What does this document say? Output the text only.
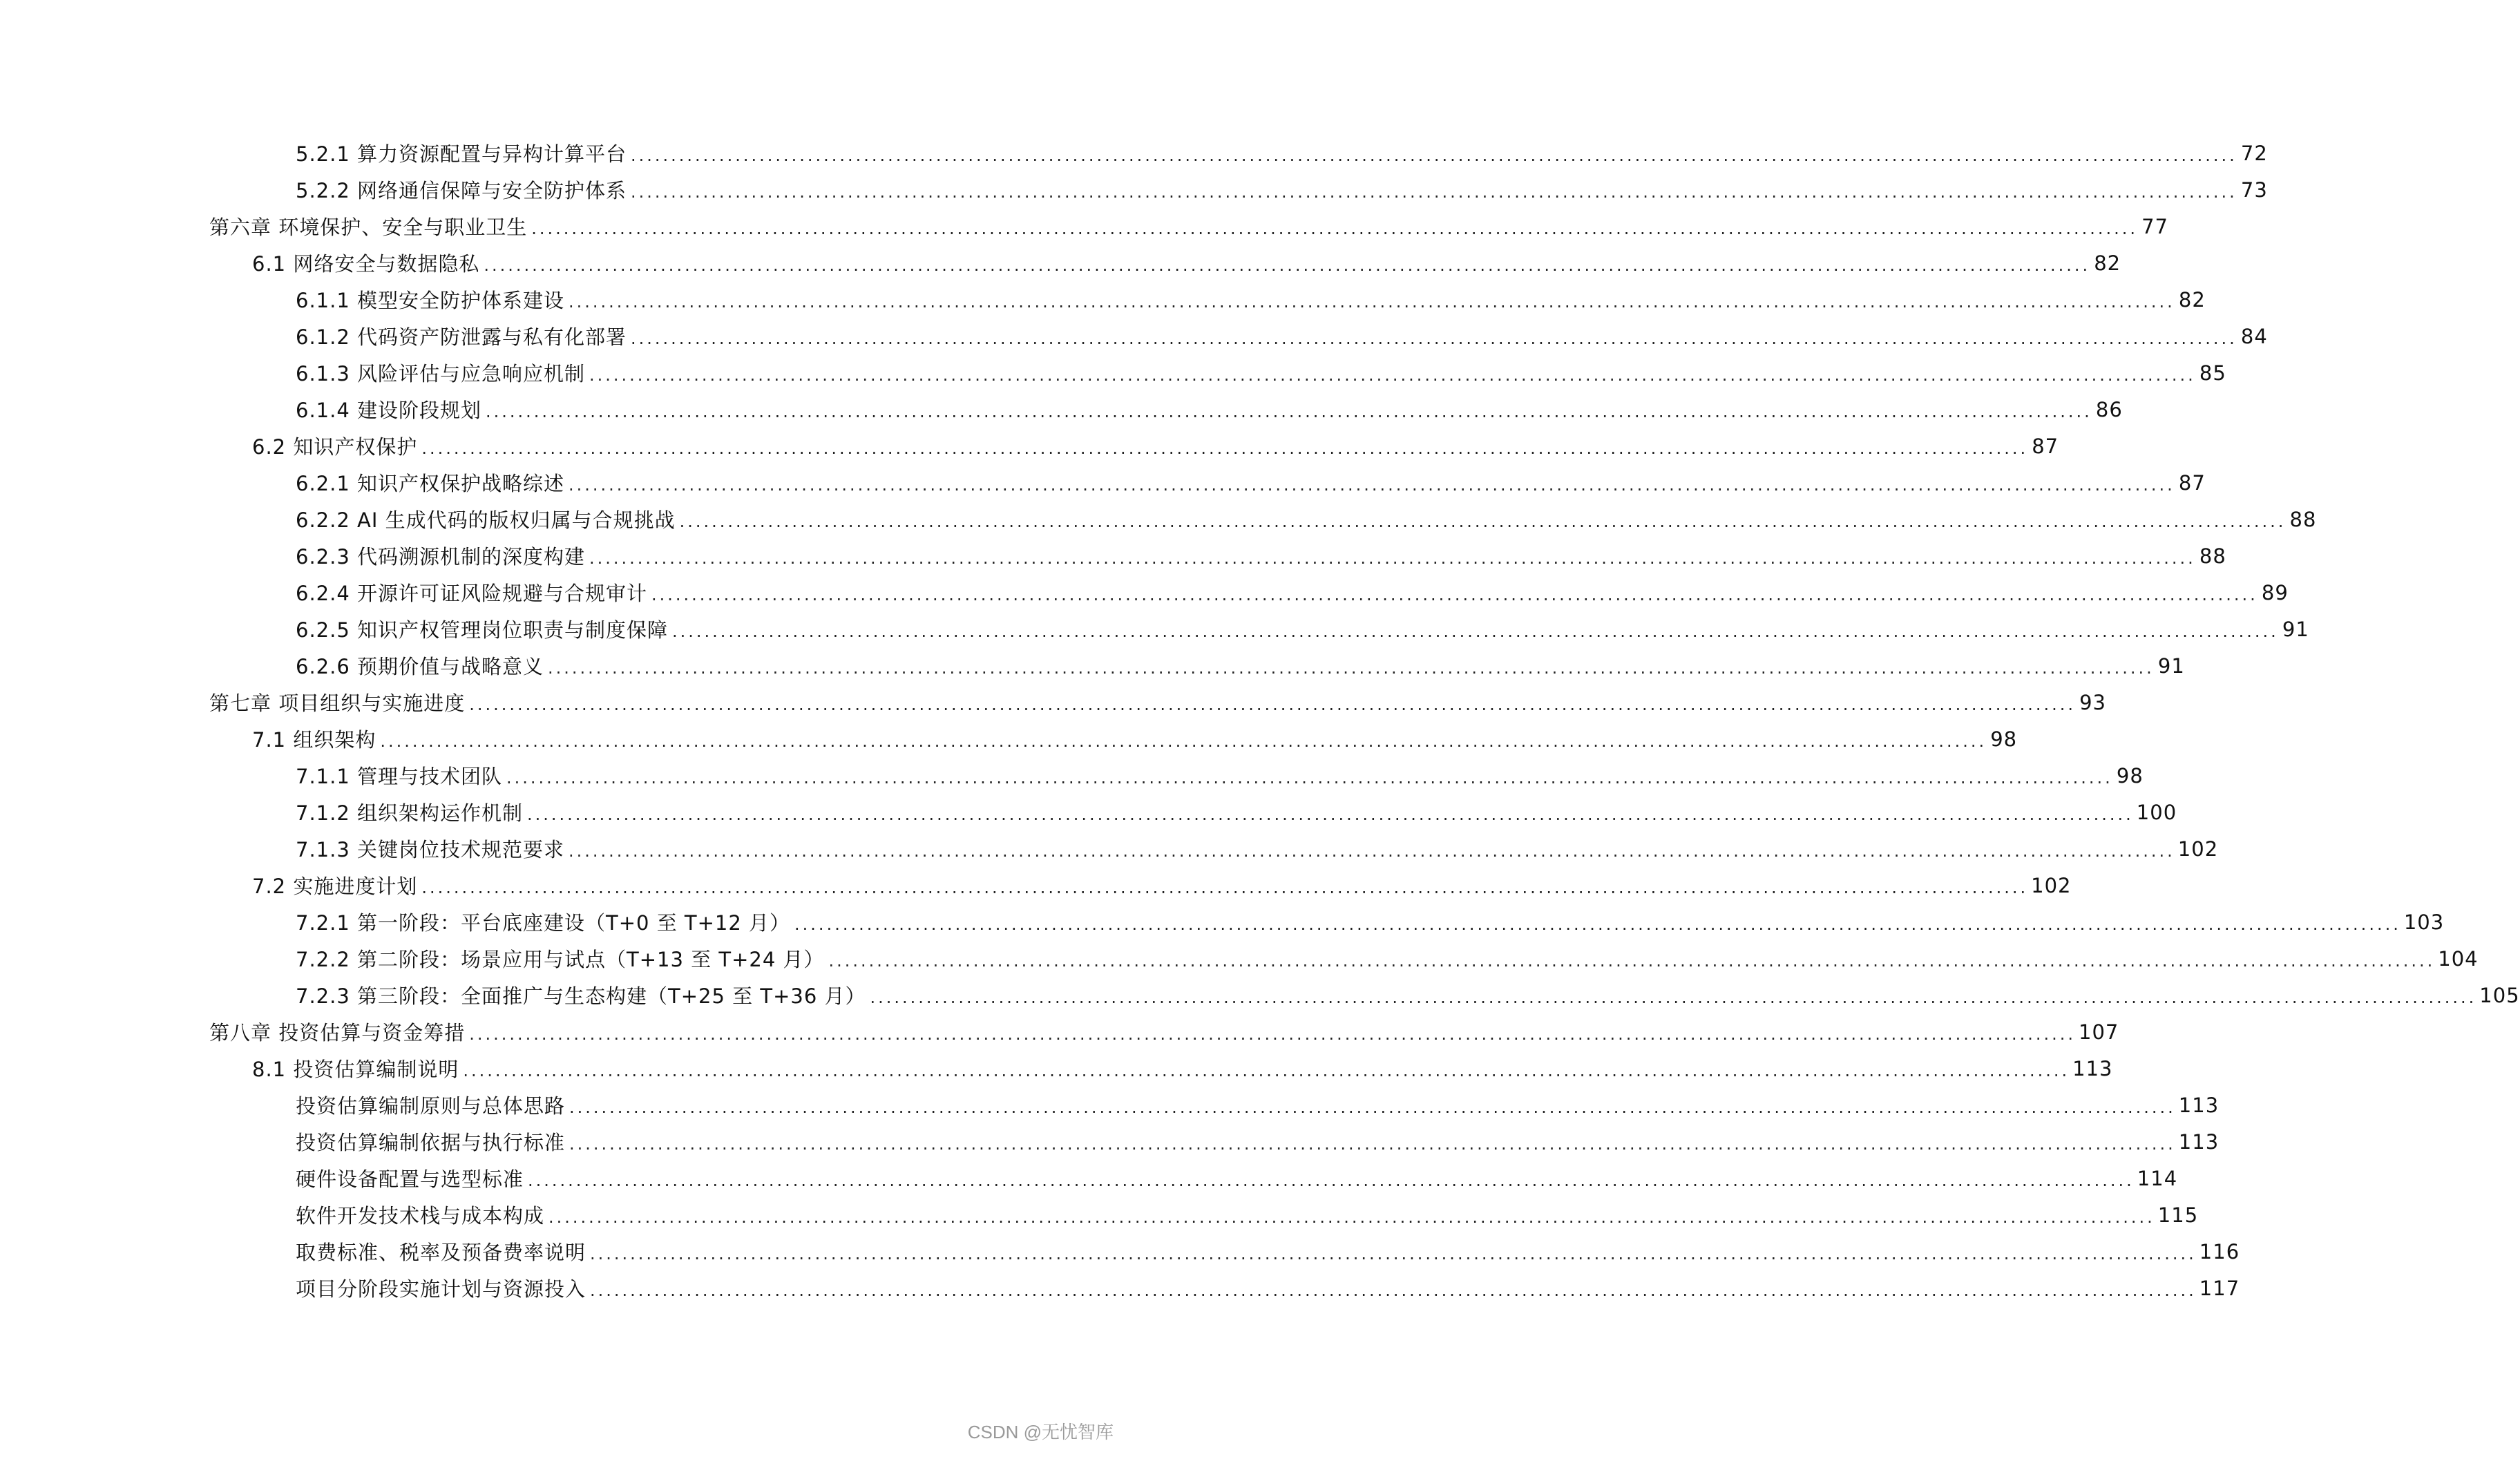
5.2.1 算力资源配置与异构计算平台 ........................................................................................................................................................................................................ 72
5.2.2 网络通信保障与安全防护体系 ........................................................................................................................................................................................................ 73
第六章 环境保护、安全与职业卫生 ........................................................................................................................................................................................................ 77
6.1 网络安全与数据隐私 ........................................................................................................................................................................................................ 82
6.1.1 模型安全防护体系建设 ........................................................................................................................................................................................................ 82
6.1.2 代码资产防泄露与私有化部署 ........................................................................................................................................................................................................ 84
6.1.3 风险评估与应急响应机制 ........................................................................................................................................................................................................ 85
6.1.4 建设阶段规划 ........................................................................................................................................................................................................ 86
6.2 知识产权保护 ........................................................................................................................................................................................................ 87
6.2.1 知识产权保护战略综述 ........................................................................................................................................................................................................ 87
6.2.2 AI 生成代码的版权归属与合规挑战 ........................................................................................................................................................................................................ 88
6.2.3 代码溯源机制的深度构建 ........................................................................................................................................................................................................ 88
6.2.4 开源许可证风险规避与合规审计 ........................................................................................................................................................................................................ 89
6.2.5 知识产权管理岗位职责与制度保障 ........................................................................................................................................................................................................ 91
6.2.6 预期价值与战略意义 ........................................................................................................................................................................................................ 91
第七章 项目组织与实施进度 ........................................................................................................................................................................................................ 93
7.1 组织架构 ........................................................................................................................................................................................................ 98
7.1.1 管理与技术团队 ........................................................................................................................................................................................................ 98
7.1.2 组织架构运作机制 ........................................................................................................................................................................................................ 100
7.1.3 关键岗位技术规范要求 ........................................................................................................................................................................................................ 102
7.2 实施进度计划 ........................................................................................................................................................................................................ 102
7.2.1 第一阶段：平台底座建设（T+0 至 T+12 月） ........................................................................................................................................................................................................ 103
7.2.2 第二阶段：场景应用与试点（T+13 至 T+24 月） ........................................................................................................................................................................................................ 104
7.2.3 第三阶段：全面推广与生态构建（T+25 至 T+36 月） ........................................................................................................................................................................................................ 105
第八章 投资估算与资金筹措 ........................................................................................................................................................................................................ 107
8.1 投资估算编制说明 ........................................................................................................................................................................................................ 113
投资估算编制原则与总体思路 ........................................................................................................................................................................................................ 113
投资估算编制依据与执行标准 ........................................................................................................................................................................................................ 113
硬件设备配置与选型标准 ........................................................................................................................................................................................................ 114
软件开发技术栈与成本构成 ........................................................................................................................................................................................................ 115
取费标准、税率及预备费率说明 ........................................................................................................................................................................................................ 116
项目分阶段实施计划与资源投入 ........................................................................................................................................................................................................ 117
CSDN @无忧智库
